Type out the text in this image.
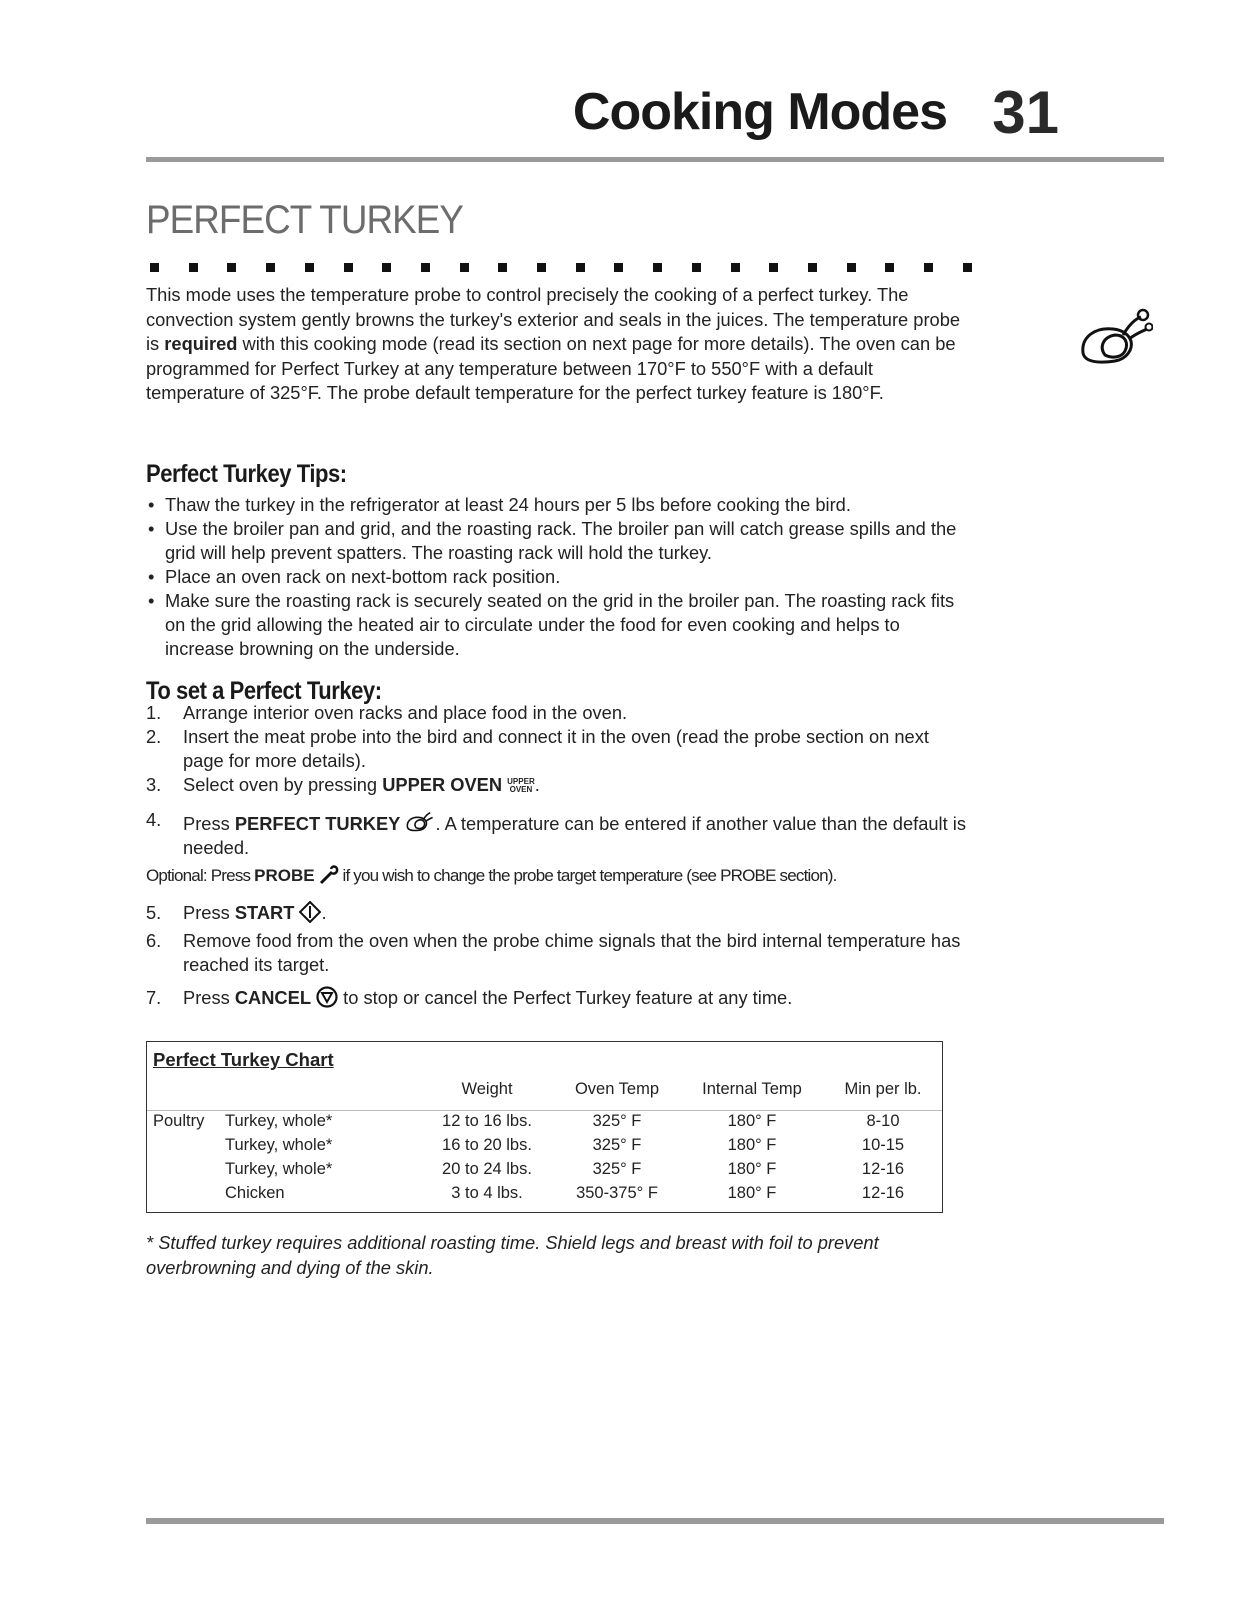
Cooking Modes 31
PERFECT TURKEY
This mode uses the temperature probe to control precisely the cooking of a perfect turkey. The convection system gently browns the turkey's exterior and seals in the juices. The temperature probe is required with this cooking mode (read its section on next page for more details). The oven can be programmed for Perfect Turkey at any temperature between 170°F to 550°F with a default temperature of 325°F. The probe default temperature for the perfect turkey feature is 180°F.
Perfect Turkey Tips:
• Thaw the turkey in the refrigerator at least 24 hours per 5 lbs before cooking the bird.
• Use the broiler pan and grid, and the roasting rack. The broiler pan will catch grease spills and the grid will help prevent spatters. The roasting rack will hold the turkey.
• Place an oven rack on next-bottom rack position.
• Make sure the roasting rack is securely seated on the grid in the broiler pan. The roasting rack fits on the grid allowing the heated air to circulate under the food for even cooking and helps to increase browning on the underside.
To set a Perfect Turkey:
1.	Arrange interior oven racks and place food in the oven.
2.	Insert the meat probe into the bird and connect it in the oven (read the probe section on next page for more details).
3.	Select oven by pressing UPPER OVEN UPPER
OVEN .
4.	Press PERFECT TURKEY . A temperature can be entered if another value than the default is needed.
Optional: Press PROBE  if you wish to change the probe target temperature (see PROBE section).
5.	Press START .
6.	Remove food from the oven when the probe chime signals that the bird internal temperature has reached its target.
7.	Press CANCEL  to stop or cancel the Perfect Turkey feature at any time.
Perfect Turkey Chart
Weight	Oven Temp	Internal Temp	Min per lb.
Poultry Turkey, whole*	12 to 16 lbs.	325° F	180° F	8-10
Turkey, whole*	16 to 20 lbs.	325° F	180° F	10-15
Turkey, whole*	20 to 24 lbs.	325° F	180° F	12-16
Chicken	3 to 4 lbs.	350-375° F	180° F	12-16
* Stuffed turkey requires additional roasting time. Shield legs and breast with foil to prevent overbrowning and dying of the skin.
